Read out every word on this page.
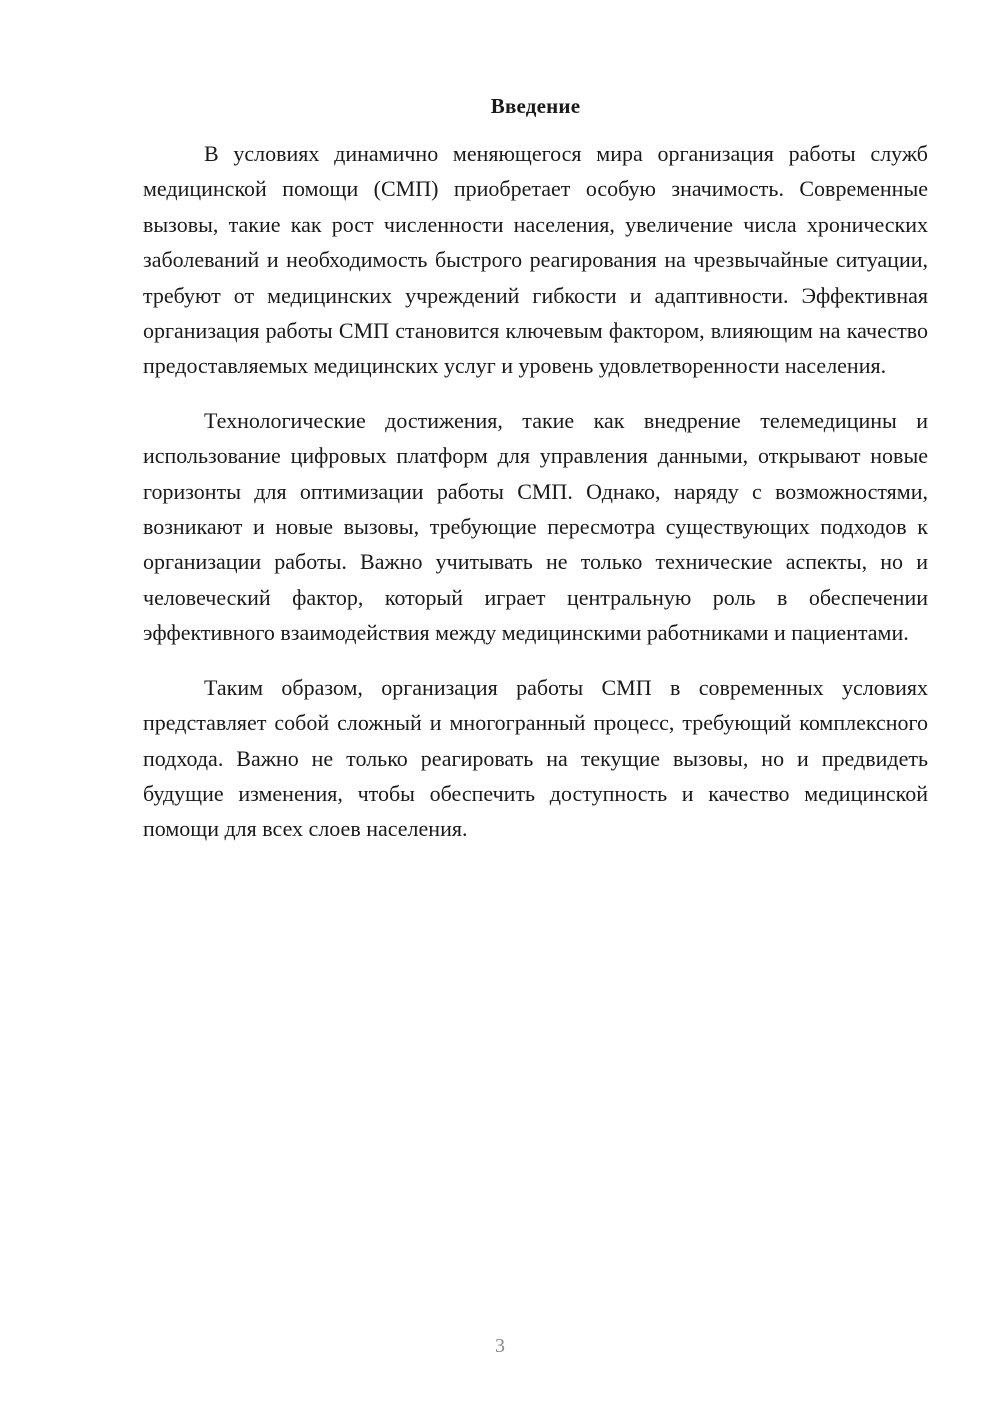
Введение

В условиях динамично меняющегося мира организация работы служб медицинской помощи (СМП) приобретает особую значимость. Современные вызовы, такие как рост численности населения, увеличение числа хронических заболеваний и необходимость быстрого реагирования на чрезвычайные ситуации, требуют от медицинских учреждений гибкости и адаптивности. Эффективная организация работы СМП становится ключевым фактором, влияющим на качество предоставляемых медицинских услуг и уровень удовлетворенности населения.

Технологические достижения, такие как внедрение телемедицины и использование цифровых платформ для управления данными, открывают новые горизонты для оптимизации работы СМП. Однако, наряду с возможностями, возникают и новые вызовы, требующие пересмотра существующих подходов к организации работы. Важно учитывать не только технические аспекты, но и человеческий фактор, который играет центральную роль в обеспечении эффективного взаимодействия между медицинскими работниками и пациентами.

Таким образом, организация работы СМП в современных условиях представляет собой сложный и многогранный процесс, требующий комплексного подхода. Важно не только реагировать на текущие вызовы, но и предвидеть будущие изменения, чтобы обеспечить доступность и качество медицинской помощи для всех слоев населения.

3
